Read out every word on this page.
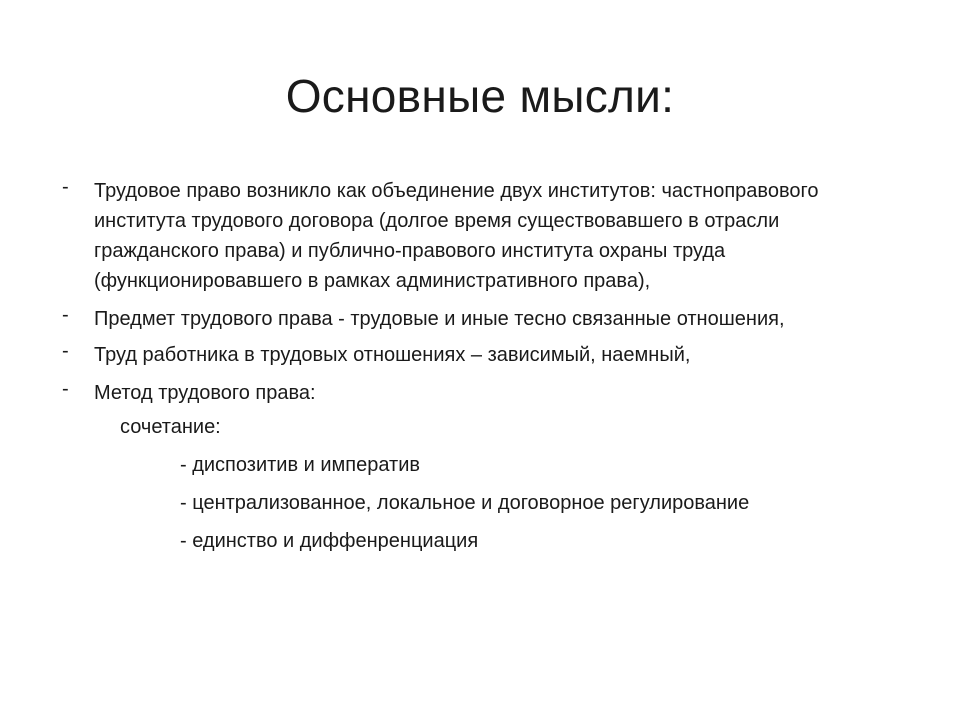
Основные мысли:
-	Трудовое право возникло как объединение двух институтов: частноправового института трудового договора (долгое время существовавшего в отрасли гражданского права) и публично-правового института охраны труда (функционировавшего в рамках административного права),
-	Предмет трудового права - трудовые и иные тесно связанные отношения,
-	Труд работника в трудовых отношениях – зависимый, наемный,
-	Метод трудового права:
сочетание:
- диспозитив и императив
- централизованное, локальное и договорное регулирование
- единство и диффенренциация
